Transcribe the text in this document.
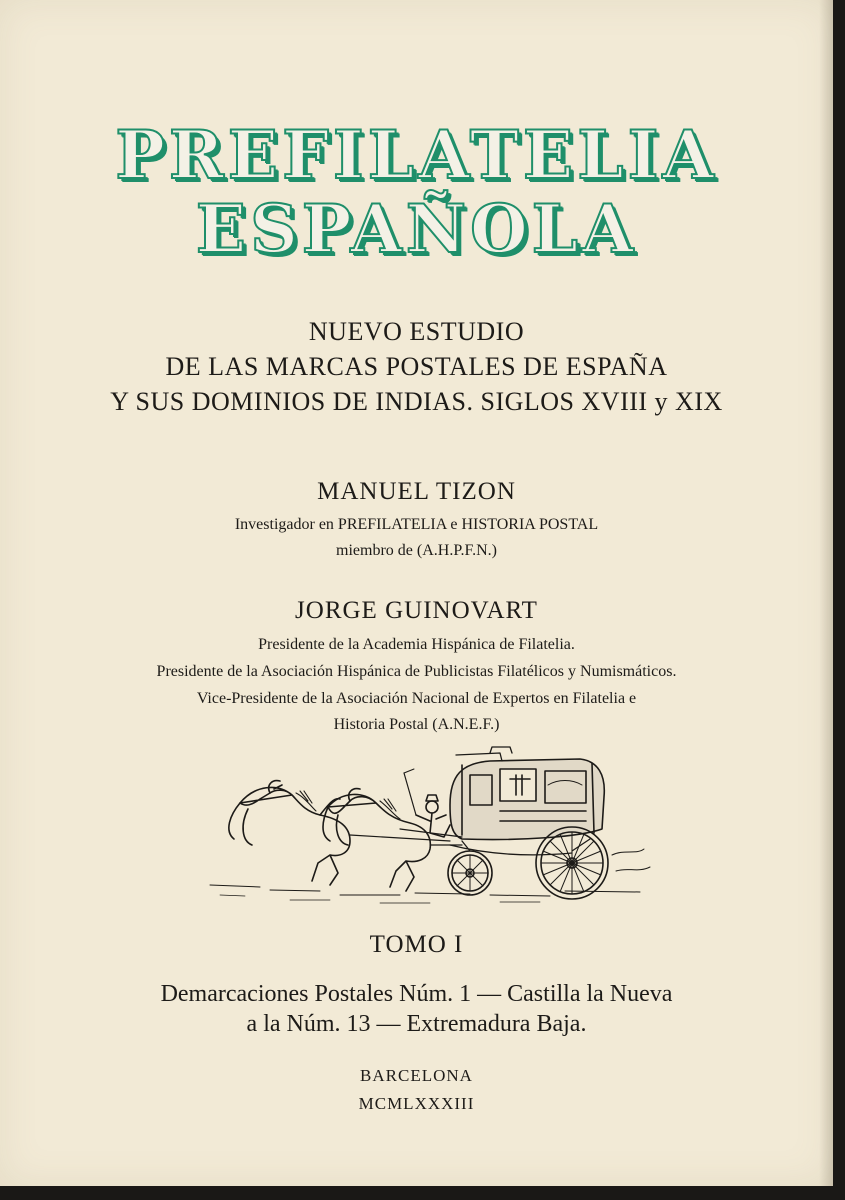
PREFILATELIA
ESPAÑOLA
NUEVO ESTUDIO
DE LAS MARCAS POSTALES DE ESPAÑA
Y SUS DOMINIOS DE INDIAS. SIGLOS XVIII y XIX
MANUEL TIZON
Investigador en PREFILATELIA e HISTORIA POSTAL
miembro de (A.H.P.F.N.)
JORGE GUINOVART
Presidente de la Academia Hispánica de Filatelia.
Presidente de la Asociación Hispánica de Publicistas Filatélicos y Numismáticos.
Vice-Presidente de la Asociación Nacional de Expertos en Filatelia e
Historia Postal (A.N.E.F.)
TOMO I
Demarcaciones Postales Núm. 1 — Castilla la Nueva
a la Núm. 13 — Extremadura Baja.
BARCELONA
MCMLXXXIII
